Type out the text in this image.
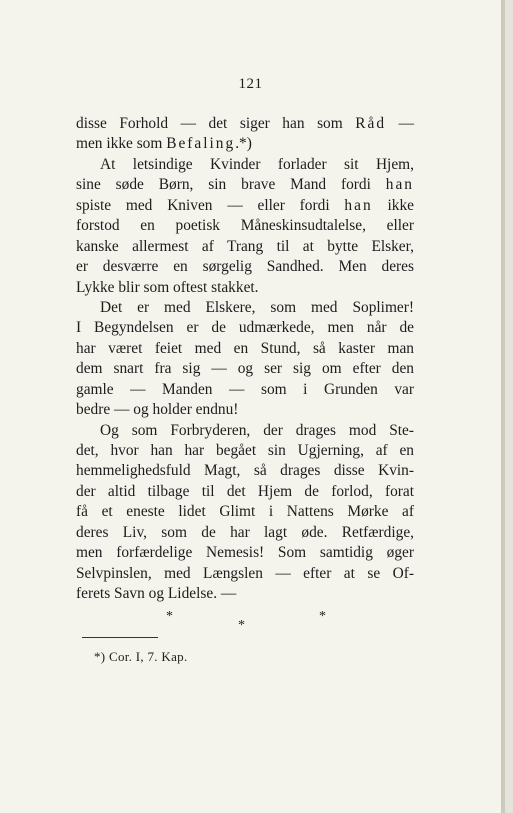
121
disse Forhold — det siger han som Råd —
men ikke som Befaling.*)
At letsindige Kvinder forlader sit Hjem,
sine søde Børn, sin brave Mand fordi han
spiste med Kniven — eller fordi han ikke
forstod en poetisk Måneskinsudtalelse, eller
kanske allermest af Trang til at bytte Elsker,
er desværre en sørgelig Sandhed. Men deres
Lykke blir som oftest stakket.
Det er med Elskere, som med Soplimer!
I Begyndelsen er de udmærkede, men når de
har været feiet med en Stund, så kaster man
dem snart fra sig — og ser sig om efter den
gamle — Manden — som i Grunden var
bedre — og holder endnu!
Og som Forbryderen, der drages mod Ste-
det, hvor han har begået sin Ugjerning, af en
hemmelighedsfuld Magt, så drages disse Kvin-
der altid tilbage til det Hjem de forlod, forat
få et eneste lidet Glimt i Nattens Mørke af
deres Liv, som de har lagt øde. Retfærdige,
men forfærdelige Nemesis! Som samtidig øger
Selvpinslen, med Længslen — efter at se Of-
ferets Savn og Lidelse. —
*
*
*
*) Cor. I, 7. Kap.
